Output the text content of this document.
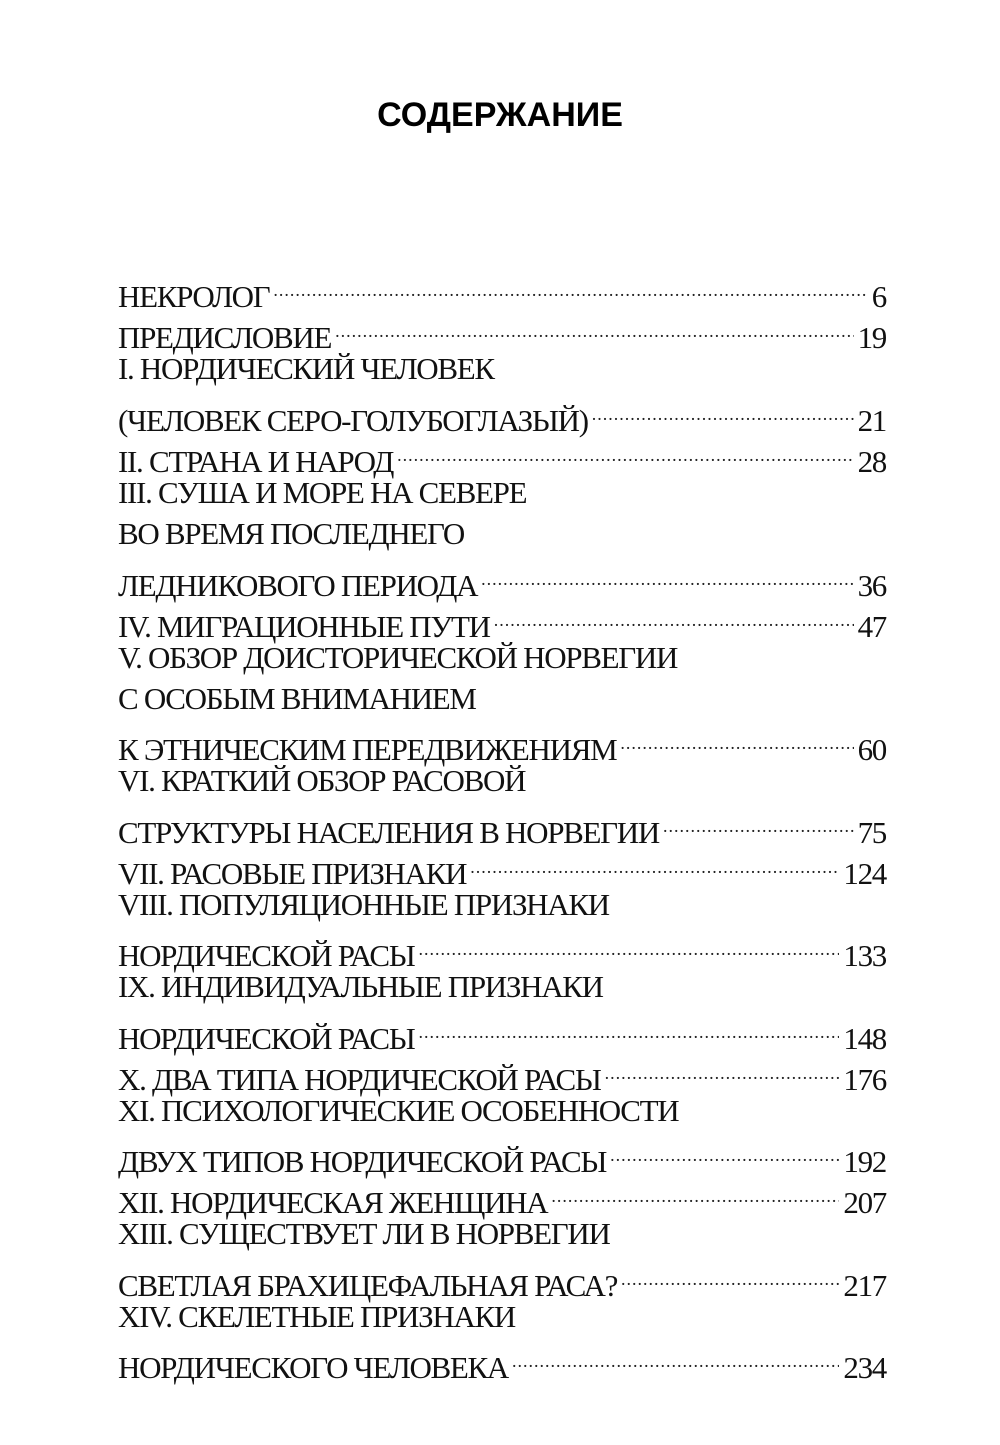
СОДЕРЖАНИЕ
НЕКРОЛОГ .....	6
ПРЕДИСЛОВИЕ .....	19
I. НОРДИЧЕСКИЙ ЧЕЛОВЕК
(ЧЕЛОВЕК СЕРО-ГОЛУБОГЛАЗЫЙ) .....	21
II. СТРАНА И НАРОД .....	28
III. СУША И МОРЕ НА СЕВЕРЕ
ВО ВРЕМЯ ПОСЛЕДНЕГО
ЛЕДНИКОВОГО ПЕРИОДА .....	36
IV. МИГРАЦИОННЫЕ ПУТИ .....	47
V. ОБЗОР ДОИСТОРИЧЕСКОЙ НОРВЕГИИ
С ОСОБЫМ ВНИМАНИЕМ
К ЭТНИЧЕСКИМ ПЕРЕДВИЖЕНИЯМ .....	60
VI. КРАТКИЙ ОБЗОР РАСОВОЙ
СТРУКТУРЫ НАСЕЛЕНИЯ В НОРВЕГИИ .....	75
VII. РАСОВЫЕ ПРИЗНАКИ .....	124
VIII. ПОПУЛЯЦИОННЫЕ ПРИЗНАКИ
НОРДИЧЕСКОЙ РАСЫ .....	133
IX. ИНДИВИДУАЛЬНЫЕ ПРИЗНАКИ
НОРДИЧЕСКОЙ РАСЫ .....	148
X. ДВА ТИПА НОРДИЧЕСКОЙ РАСЫ .....	176
XI. ПСИХОЛОГИЧЕСКИЕ ОСОБЕННОСТИ
ДВУХ ТИПОВ НОРДИЧЕСКОЙ РАСЫ .....	192
XII. НОРДИЧЕСКАЯ ЖЕНЩИНА .....	207
XIII. СУЩЕСТВУЕТ ЛИ В НОРВЕГИИ
СВЕТЛАЯ БРАХИЦЕФАЛЬНАЯ РАСА? .....	217
XIV. СКЕЛЕТНЫЕ ПРИЗНАКИ
НОРДИЧЕСКОГО ЧЕЛОВЕКА .....	234
